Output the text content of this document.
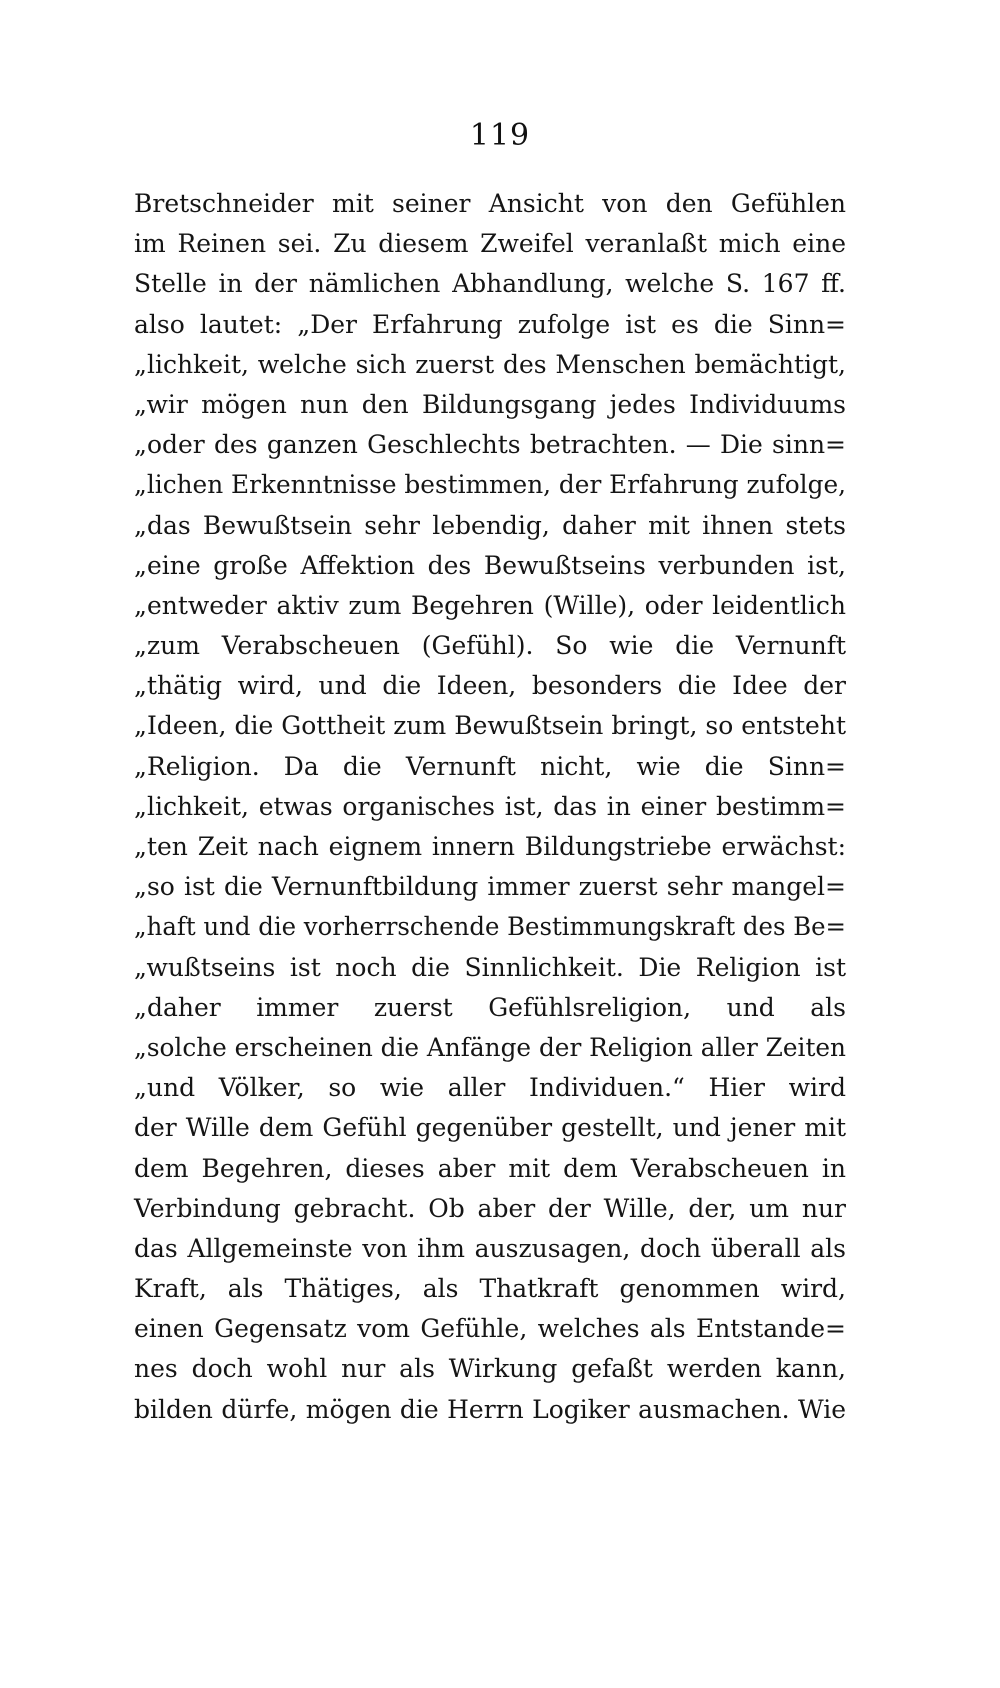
119
Bretschneider mit seiner Ansicht von den Gefühlen
im Reinen sei. Zu diesem Zweifel veranlaßt mich eine
Stelle in der nämlichen Abhandlung, welche S. 167 ff.
also lautet: „Der Erfahrung zufolge ist es die Sinn=
„lichkeit, welche sich zuerst des Menschen bemächtigt,
„wir mögen nun den Bildungsgang jedes Individuums
„oder des ganzen Geschlechts betrachten. — Die sinn=
„lichen Erkenntnisse bestimmen, der Erfahrung zufolge,
„das Bewußtsein sehr lebendig, daher mit ihnen stets
„eine große Affektion des Bewußtseins verbunden ist,
„entweder aktiv zum Begehren (Wille), oder leidentlich
„zum Verabscheuen (Gefühl). So wie die Vernunft
„thätig wird, und die Ideen, besonders die Idee der
„Ideen, die Gottheit zum Bewußtsein bringt, so entsteht
„Religion. Da die Vernunft nicht, wie die Sinn=
„lichkeit, etwas organisches ist, das in einer bestimm=
„ten Zeit nach eignem innern Bildungstriebe erwächst:
„so ist die Vernunftbildung immer zuerst sehr mangel=
„haft und die vorherrschende Bestimmungskraft des Be=
„wußtseins ist noch die Sinnlichkeit. Die Religion ist
„daher immer zuerst Gefühlsreligion, und als
„solche erscheinen die Anfänge der Religion aller Zeiten
„und Völker, so wie aller Individuen.“ Hier wird
der Wille dem Gefühl gegenüber gestellt, und jener mit
dem Begehren, dieses aber mit dem Verabscheuen in
Verbindung gebracht. Ob aber der Wille, der, um nur
das Allgemeinste von ihm auszusagen, doch überall als
Kraft, als Thätiges, als Thatkraft genommen wird,
einen Gegensatz vom Gefühle, welches als Entstande=
nes doch wohl nur als Wirkung gefaßt werden kann,
bilden dürfe, mögen die Herrn Logiker ausmachen. Wie
